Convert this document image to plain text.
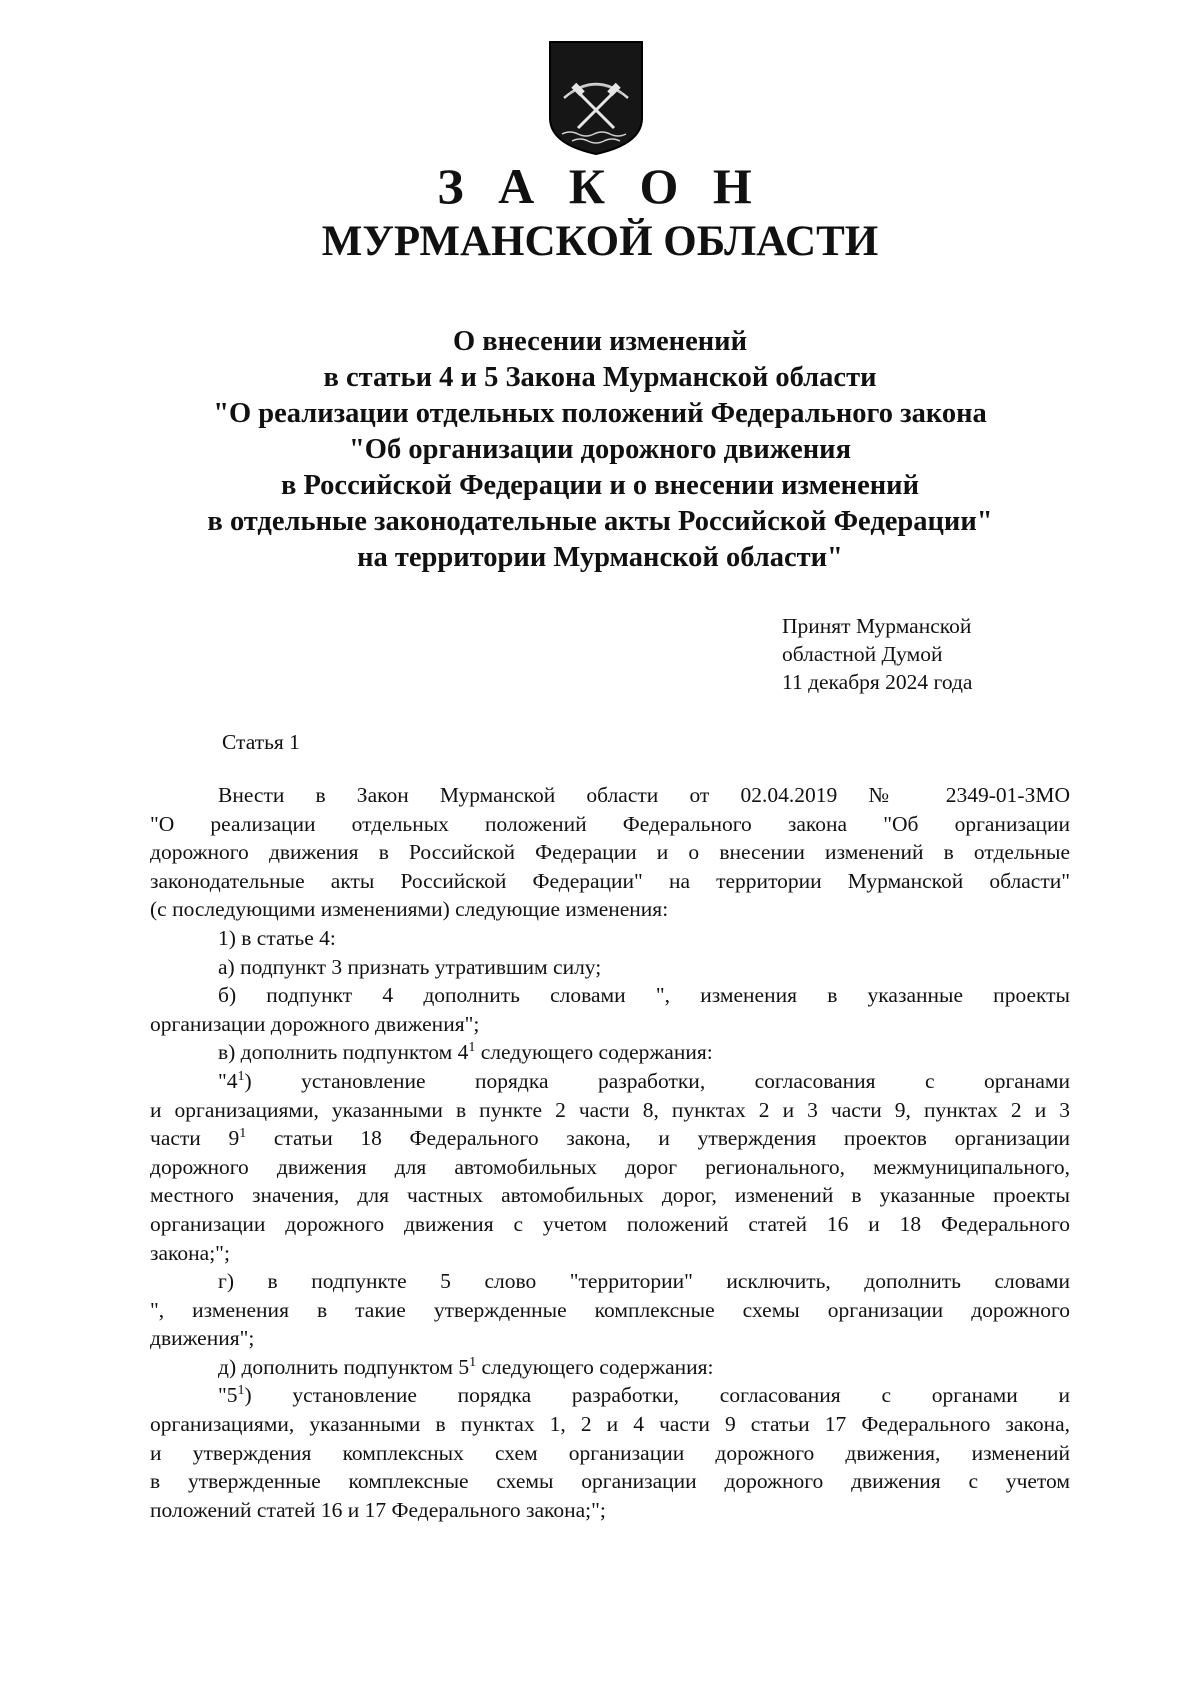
З А К О Н
МУРМАНСКОЙ ОБЛАСТИ
О внесении изменений
в статьи 4 и 5 Закона Мурманской области
"О реализации отдельных положений Федерального закона
"Об организации дорожного движения
в Российской Федерации и о внесении изменений
в отдельные законодательные акты Российской Федерации"
на территории Мурманской области"
Принят Мурманской
областной Думой
11 декабря 2024 года
Статья 1
Внести в Закон Мурманской области от 02.04.2019 № 2349-01-ЗМО
"О реализации отдельных положений Федерального закона "Об организации
дорожного движения в Российской Федерации и о внесении изменений в отдельные
законодательные акты Российской Федерации" на территории Мурманской области"
(с последующими изменениями) следующие изменения:
1) в статье 4:
а) подпункт 3 признать утратившим силу;
б) подпункт 4 дополнить словами ", изменения в указанные проекты
организации дорожного движения";
в) дополнить подпунктом $4^1$ следующего содержания:
"$4^1$) установление порядка разработки, согласования с органами
и организациями, указанными в пункте 2 части 8, пунктах 2 и 3 части 9, пунктах 2 и 3
части $9^1$ статьи 18 Федерального закона, и утверждения проектов организации
дорожного движения для автомобильных дорог регионального, межмуниципального,
местного значения, для частных автомобильных дорог, изменений в указанные проекты
организации дорожного движения с учетом положений статей 16 и 18 Федерального
закона;";
г) в подпункте 5 слово "территории" исключить, дополнить словами
", изменения в такие утвержденные комплексные схемы организации дорожного
движения";
д) дополнить подпунктом $5^1$ следующего содержания:
"$5^1$) установление порядка разработки, согласования с органами и
организациями, указанными в пунктах 1, 2 и 4 части 9 статьи 17 Федерального закона,
и утверждения комплексных схем организации дорожного движения, изменений
в утвержденные комплексные схемы организации дорожного движения с учетом
положений статей 16 и 17 Федерального закона;";
